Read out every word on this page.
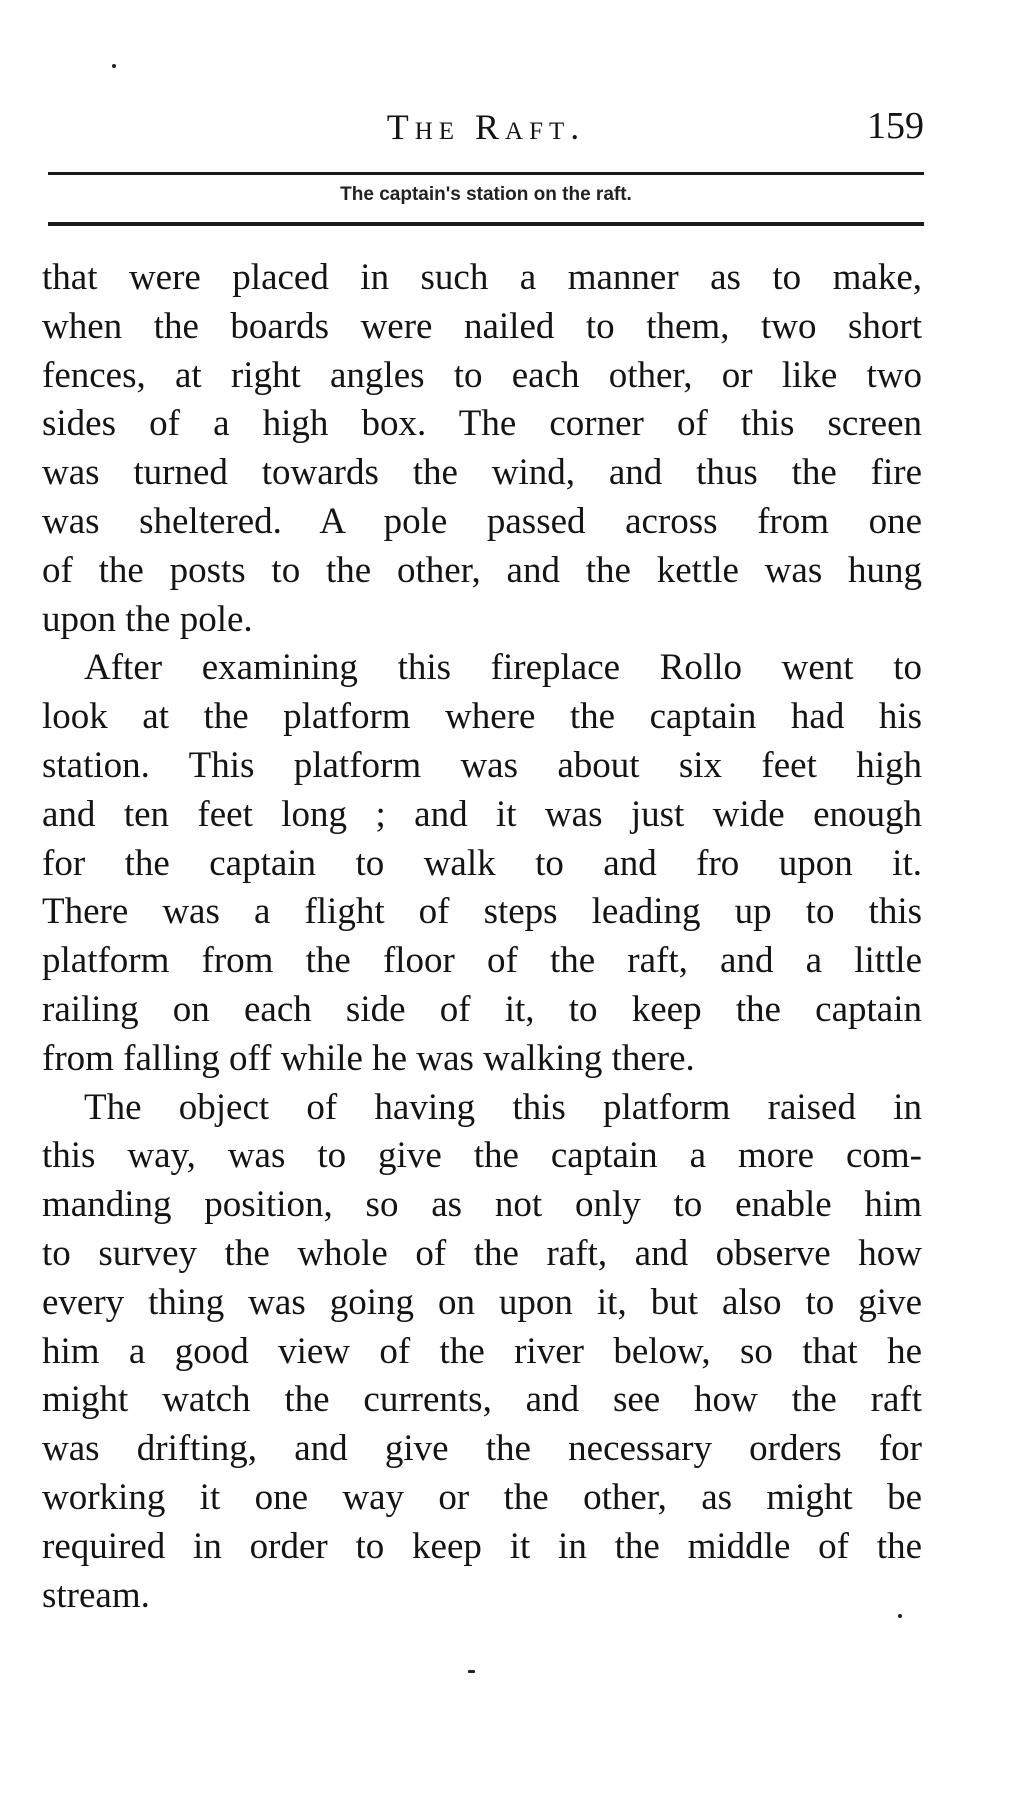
The Raft.	159
The captain's station on the raft.
that were placed in such a manner as to make,
when the boards were nailed to them, two short
fences, at right angles to each other, or like two
sides of a high box. The corner of this screen
was turned towards the wind, and thus the fire
was sheltered. A pole passed across from one
of the posts to the other, and the kettle was hung
upon the pole.
After examining this fireplace Rollo went to
look at the platform where the captain had his
station. This platform was about six feet high
and ten feet long ; and it was just wide enough
for the captain to walk to and fro upon it.
There was a flight of steps leading up to this
platform from the floor of the raft, and a little
railing on each side of it, to keep the captain
from falling off while he was walking there.
The object of having this platform raised in
this way, was to give the captain a more com-
manding position, so as not only to enable him
to survey the whole of the raft, and observe how
every thing was going on upon it, but also to give
him a good view of the river below, so that he
might watch the currents, and see how the raft
was drifting, and give the necessary orders for
working it one way or the other, as might be
required in order to keep it in the middle of the
stream.
